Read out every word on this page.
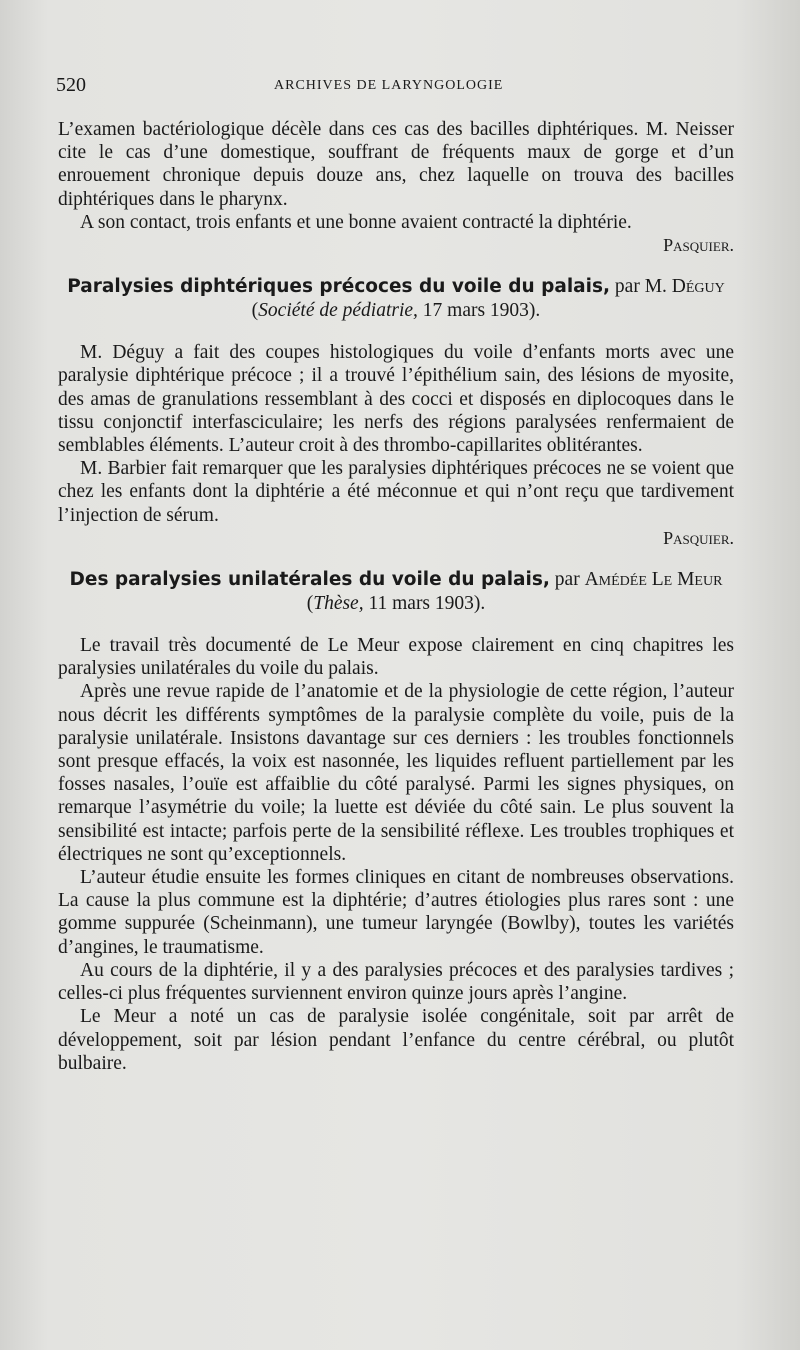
520	ARCHIVES DE LARYNGOLOGIE

L’examen bactériologique décèle dans ces cas des bacilles diphtériques. M. Neisser cite le cas d’une domestique, souffrant de fréquents maux de gorge et d’un enrouement chronique depuis douze ans, chez laquelle on trouva des bacilles diphtériques dans le pharynx.

A son contact, trois enfants et une bonne avaient contracté la diphtérie.

Pasquier.

Paralysies diphtériques précoces du voile du palais, par M. Déguy
(Société de pédiatrie, 17 mars 1903).

M. Déguy a fait des coupes histologiques du voile d’enfants morts avec une paralysie diphtérique précoce ; il a trouvé l’épithélium sain, des lésions de myosite, des amas de granulations ressemblant à des cocci et disposés en diplocoques dans le tissu conjonctif interfasciculaire; les nerfs des régions paralysées renfermaient de semblables éléments. L’auteur croit à des thrombo-capillarites oblitérantes.

M. Barbier fait remarquer que les paralysies diphtériques précoces ne se voient que chez les enfants dont la diphtérie a été méconnue et qui n’ont reçu que tardivement l’injection de sérum.

Pasquier.

Des paralysies unilatérales du voile du palais, par Amédée Le Meur (Thèse, 11 mars 1903).

Le travail très documenté de Le Meur expose clairement en cinq chapitres les paralysies unilatérales du voile du palais.

Après une revue rapide de l’anatomie et de la physiologie de cette région, l’auteur nous décrit les différents symptômes de la paralysie complète du voile, puis de la paralysie unilatérale. Insistons davantage sur ces derniers : les troubles fonctionnels sont presque effacés, la voix est nasonnée, les liquides refluent partiellement par les fosses nasales, l’ouïe est affaiblie du côté paralysé. Parmi les signes physiques, on remarque l’asymétrie du voile; la luette est déviée du côté sain. Le plus souvent la sensibilité est intacte; parfois perte de la sensibilité réflexe. Les troubles trophiques et électriques ne sont qu’exceptionnels.

L’auteur étudie ensuite les formes cliniques en citant de nombreuses observations. La cause la plus commune est la diphtérie; d’autres étiologies plus rares sont : une gomme suppurée (Scheinmann), une tumeur laryngée (Bowlby), toutes les variétés d’angines, le traumatisme.

Au cours de la diphtérie, il y a des paralysies précoces et des paralysies tardives ; celles-ci plus fréquentes surviennent environ quinze jours après l’angine.

Le Meur a noté un cas de paralysie isolée congénitale, soit par arrêt de développement, soit par lésion pendant l’enfance du centre cérébral, ou plutôt bulbaire.
